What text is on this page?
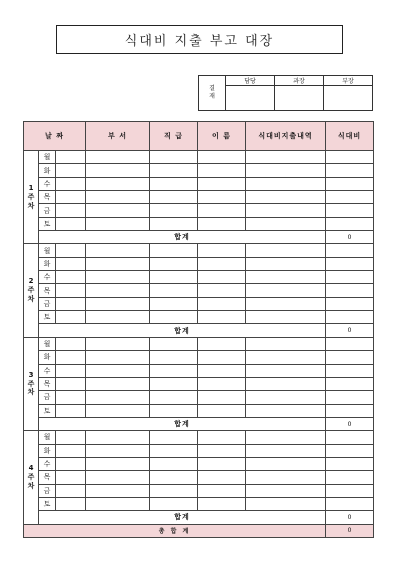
식대비 지출 부고 대장
결
재	담당	과장	부장

날 짜			부 서	직 급	이 름	식대비지출내역	식대비
1
주
차	월						
	화						
	수						
	목						
	금						
	토						
	합계						0
2
주
차	월						
	화						
	수						
	목						
	금						
	토						
	합계						0
3
주
차	월						
	화						
	수						
	목						
	금						
	토						
	합계						0
4
주
차	월						
	화						
	수						
	목						
	금						
	토						
	합계						0
총 합 계							0
